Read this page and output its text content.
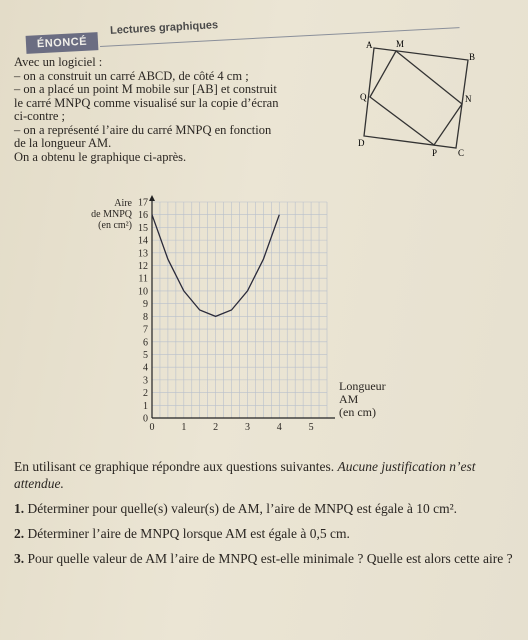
ÉNONCÉ
Lectures graphiques

Avec un logiciel :

– on a construit un carré ABCD, de côté 4 cm ;

– on a placé un point M mobile sur [AB] et construit

le carré MNPQ comme visualisé sur la copie d’écran

ci-contre ;

– on a représenté l’aire du carré MNPQ en fonction

de la longueur AM.

On a obtenu le graphique ci-après.

A	M
B
N
Q
D
P C
0
1
2
3
4
5
6
7
8
9
10
11
12
13
14
15
16
17
0	1	2	3	4	5
Aire
de MNPQ
(en cm²)
Longueur
AM
(en cm)

En utilisant ce graphique répondre aux questions suivantes. Aucune justification n’est attendue.

1. Déterminer pour quelle(s) valeur(s) de AM, l’aire de MNPQ est égale à 10 cm².

2. Déterminer l’aire de MNPQ lorsque AM est égale à 0,5 cm.

3. Pour quelle valeur de AM l’aire de MNPQ est-elle minimale ? Quelle est alors cette aire ?
